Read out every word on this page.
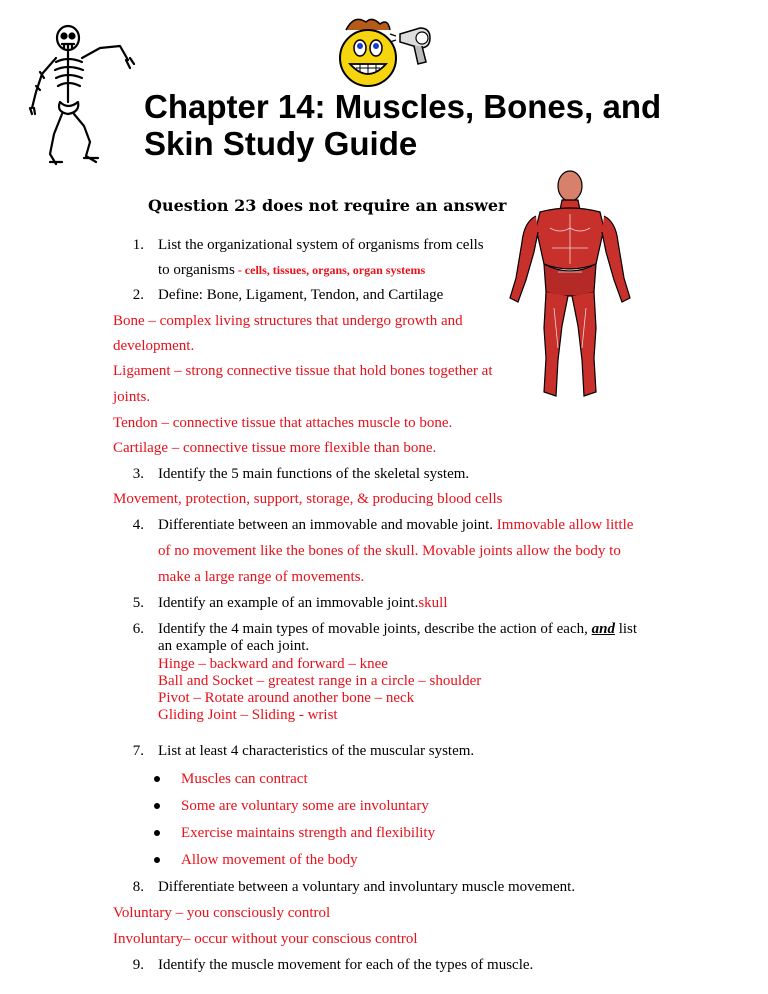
Chapter 14: Muscles, Bones, and
Skin Study Guide
Question 23 does not require an answer
1. List the organizational system of organisms from cells
to organisms - cells, tissues, organs, organ systems
2. Define: Bone, Ligament, Tendon, and Cartilage
Bone – complex living structures that undergo growth and
development.
Ligament – strong connective tissue that hold bones together at
joints.
Tendon – connective tissue that attaches muscle to bone.
Cartilage – connective tissue more flexible than bone.
3. Identify the 5 main functions of the skeletal system.
Movement, protection, support, storage, & producing blood cells
4. Differentiate between an immovable and movable joint. Immovable allow little
of no movement like the bones of the skull. Movable joints allow the body to
make a large range of movements.
5. Identify an example of an immovable joint.skull
6. Identify the 4 main types of movable joints, describe the action of each, and list
an example of each joint.
Hinge – backward and forward – knee
Ball and Socket – greatest range in a circle – shoulder
Pivot – Rotate around another bone – neck
Gliding Joint – Sliding - wrist
7. List at least 4 characteristics of the muscular system.
Muscles can contract
Some are voluntary some are involuntary
Exercise maintains strength and flexibility
Allow movement of the body
8. Differentiate between a voluntary and involuntary muscle movement.
Voluntary – you consciously control
Involuntary– occur without your conscious control
9. Identify the muscle movement for each of the types of muscle.
